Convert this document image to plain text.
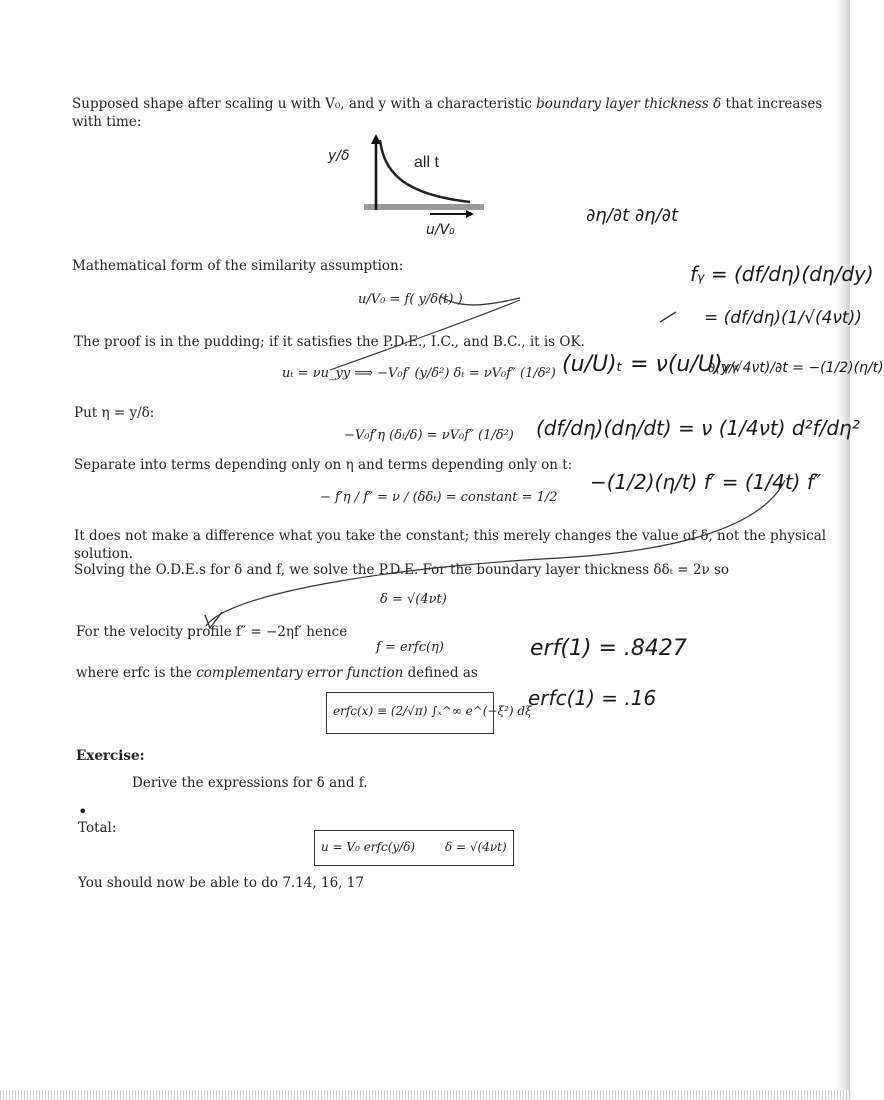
Supposed shape after scaling u with V₀, and y with a characteristic boundary layer thickness δ that increases
with time:
y/δ	all t
u/V₀
Mathematical form of the similarity assumption:
u/V₀ = f( y/δ(t) )
The proof is in the pudding; if it satisfies the P.D.E., I.C., and B.C., it is OK.
uₜ = νu_yy ⟹ −V₀f′ (y/δ²) δₜ = νV₀f″ (1/δ²)
Put η = y/δ:
−V₀f′η (δₜ/δ) = νV₀f″ (1/δ²)
Separate into terms depending only on η and terms depending only on t:
− f′η / f″ = ν / (δδₜ) = constant = 1/2
It does not make a difference what you take the constant; this merely changes the value of δ, not the physical
solution.
Solving the O.D.E.s for δ and f, we solve the P.D.E. For the boundary layer thickness δδₜ = 2ν so
δ = √(4νt)
For the velocity profile f″ = −2ηf′ hence
f = erfc(η)
where erfc is the complementary error function defined as
erfc(x) ≡ (2/√π) ∫ₓ^∞ e^(−ξ²) dξ
Exercise:
Derive the expressions for δ and f.
•
Total:
u = V₀ erfc(y/δ) δ = √(4νt)
You should now be able to do 7.14, 16, 17
∂η/∂t ∂η/∂t
fᵧ = (df/dη)(dη/dy)
= (df/dη)(1/√(4νt))
(u/U)ₜ = ν(u/U)ᵧᵧ
∂(y/√4νt)/∂t = −(1/2)(η/t)
(df/dη)(dη/dt) = ν (1/4νt) d²f/dη²
−(1/2)(η/t) f′ = (1/4t) f″
erf(1) = .8427
erfc(1) = .16
